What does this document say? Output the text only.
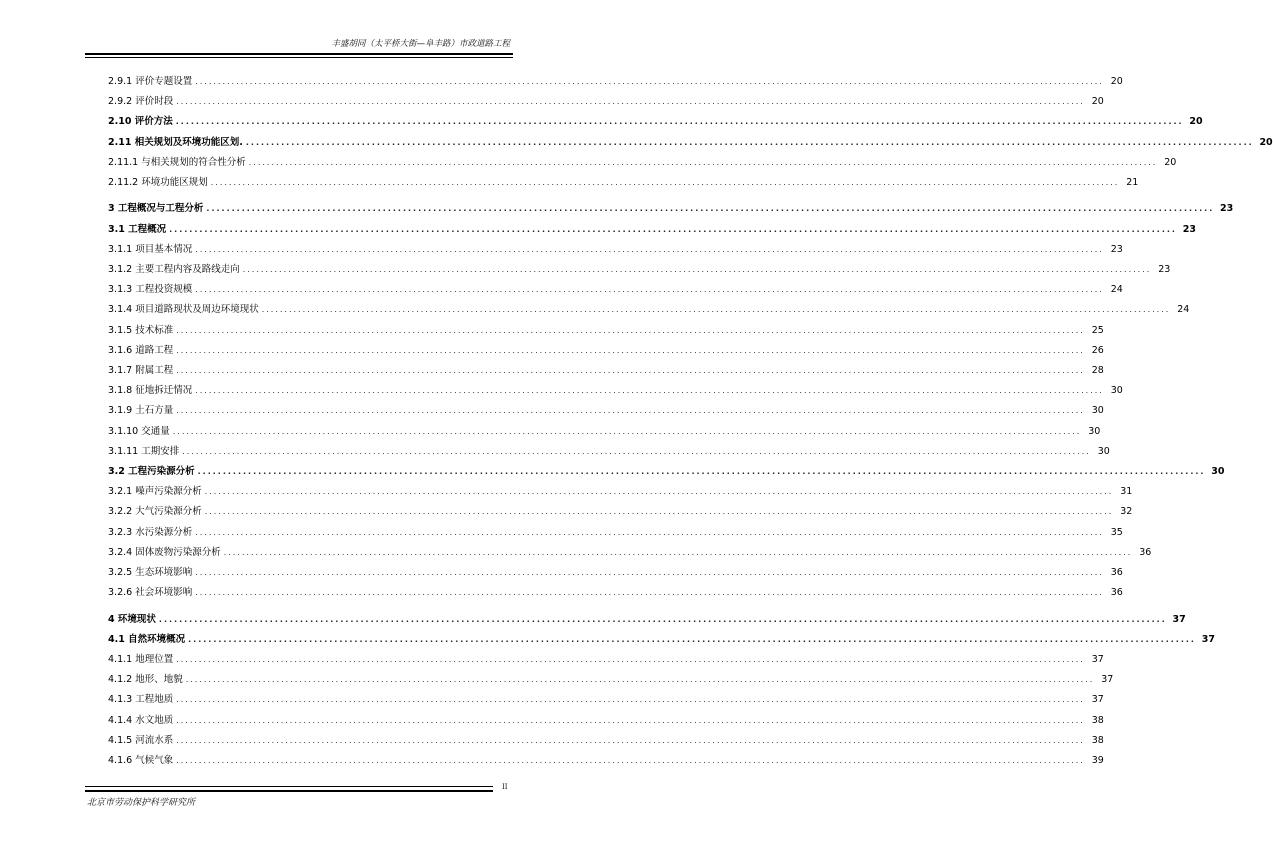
丰盛胡同（太平桥大街—阜丰路）市政道路工程
2.9.1 评价专题设置 ........................................................................................................................................................................................................ 20
2.9.2 评价时段 ........................................................................................................................................................................................................ 20
2.10 评价方法 ........................................................................................................................................................................................................ 20
2.11 相关规划及环境功能区划. ........................................................................................................................................................................................................ 20
2.11.1 与相关规划的符合性分析 ........................................................................................................................................................................................................ 20
2.11.2 环境功能区规划 ........................................................................................................................................................................................................ 21
3 工程概况与工程分析 ........................................................................................................................................................................................................ 23
3.1 工程概况 ........................................................................................................................................................................................................ 23
3.1.1 项目基本情况 ........................................................................................................................................................................................................ 23
3.1.2 主要工程内容及路线走向 ........................................................................................................................................................................................................ 23
3.1.3 工程投资规模 ........................................................................................................................................................................................................ 24
3.1.4 项目道路现状及周边环境现状 ........................................................................................................................................................................................................ 24
3.1.5 技术标准 ........................................................................................................................................................................................................ 25
3.1.6 道路工程 ........................................................................................................................................................................................................ 26
3.1.7 附属工程 ........................................................................................................................................................................................................ 28
3.1.8 征地拆迁情况 ........................................................................................................................................................................................................ 30
3.1.9 土石方量 ........................................................................................................................................................................................................ 30
3.1.10 交通量 ........................................................................................................................................................................................................ 30
3.1.11 工期安排 ........................................................................................................................................................................................................ 30
3.2 工程污染源分析 ........................................................................................................................................................................................................ 30
3.2.1 噪声污染源分析 ........................................................................................................................................................................................................ 31
3.2.2 大气污染源分析 ........................................................................................................................................................................................................ 32
3.2.3 水污染源分析 ........................................................................................................................................................................................................ 35
3.2.4 固体废物污染源分析 ........................................................................................................................................................................................................ 36
3.2.5 生态环境影响 ........................................................................................................................................................................................................ 36
3.2.6 社会环境影响 ........................................................................................................................................................................................................ 36
4 环境现状 ........................................................................................................................................................................................................ 37
4.1 自然环境概况 ........................................................................................................................................................................................................ 37
4.1.1 地理位置 ........................................................................................................................................................................................................ 37
4.1.2 地形、地貌 ........................................................................................................................................................................................................ 37
4.1.3 工程地质 ........................................................................................................................................................................................................ 37
4.1.4 水文地质 ........................................................................................................................................................................................................ 38
4.1.5 河流水系 ........................................................................................................................................................................................................ 38
4.1.6 气候气象 ........................................................................................................................................................................................................ 39
北京市劳动保护科学研究所
II
